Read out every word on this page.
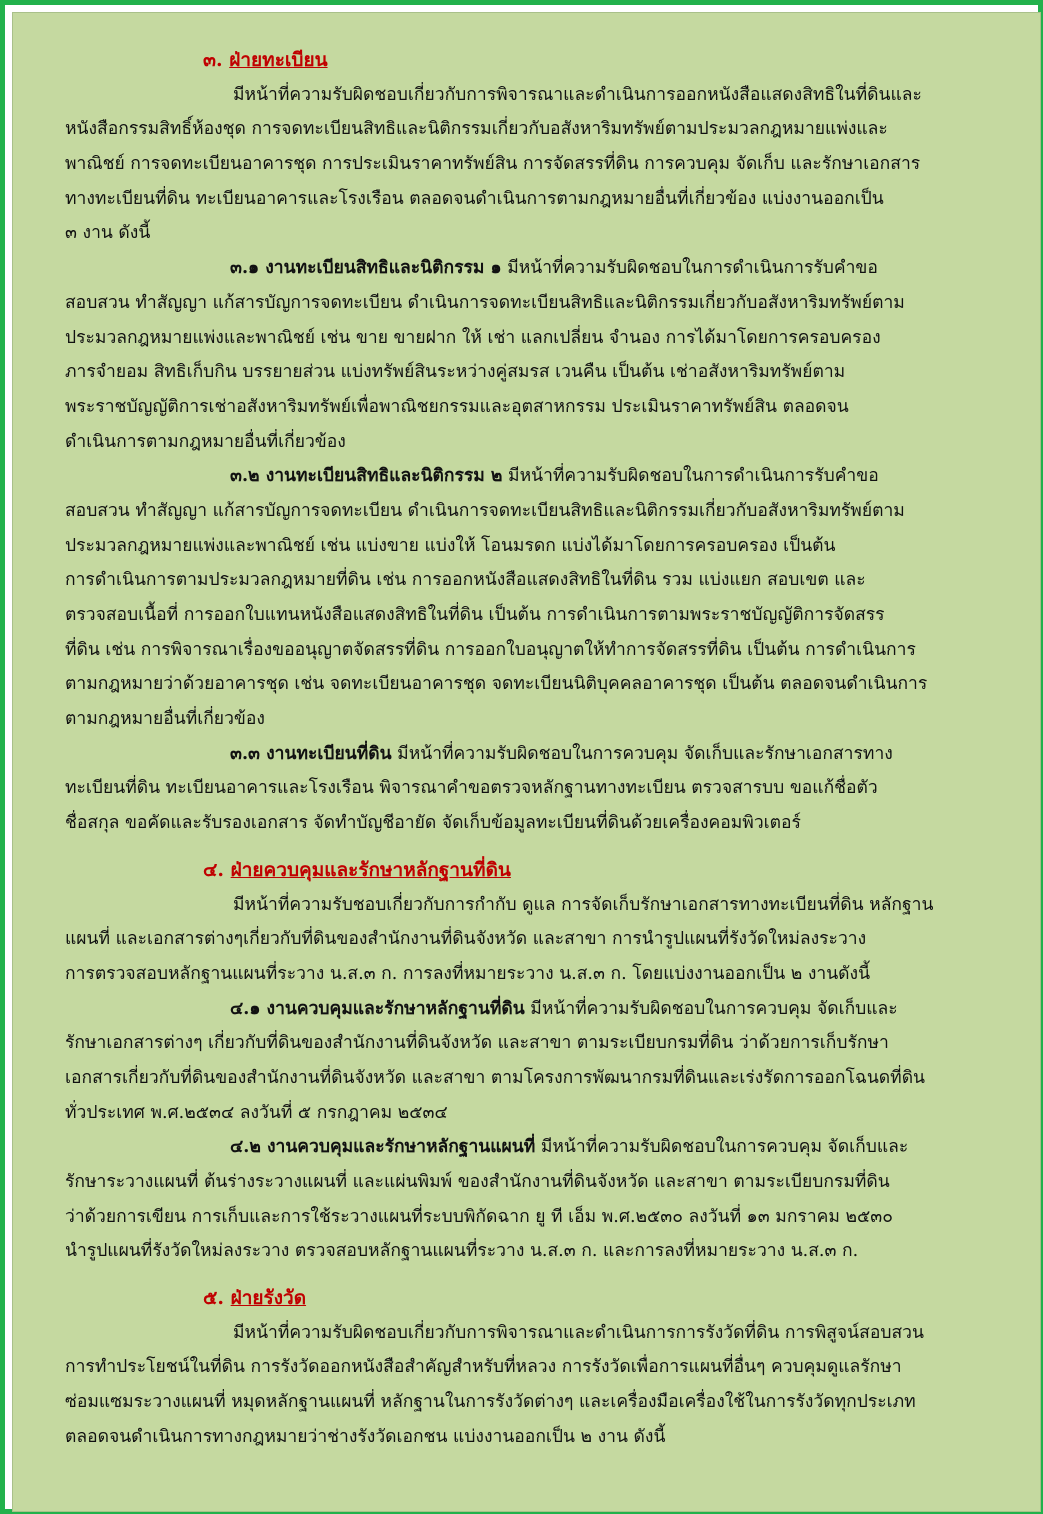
๓. ฝ่ายทะเบียน
มีหน้าที่ความรับผิดชอบเกี่ยวกับการพิจารณาและดำเนินการออกหนังสือแสดงสิทธิในที่ดินและ
หนังสือกรรมสิทธิ์ห้องชุด การจดทะเบียนสิทธิและนิติกรรมเกี่ยวกับอสังหาริมทรัพย์ตามประมวลกฎหมายแพ่งและ
พาณิชย์ การจดทะเบียนอาคารชุด การประเมินราคาทรัพย์สิน การจัดสรรที่ดิน การควบคุม จัดเก็บ และรักษาเอกสาร
ทางทะเบียนที่ดิน ทะเบียนอาคารและโรงเรือน ตลอดจนดำเนินการตามกฎหมายอื่นที่เกี่ยวข้อง แบ่งงานออกเป็น
๓ งาน ดังนี้
๓.๑ งานทะเบียนสิทธิและนิติกรรม ๑ มีหน้าที่ความรับผิดชอบในการดำเนินการรับคำขอ
สอบสวน ทำสัญญา แก้สารบัญการจดทะเบียน ดำเนินการจดทะเบียนสิทธิและนิติกรรมเกี่ยวกับอสังหาริมทรัพย์ตาม
ประมวลกฎหมายแพ่งและพาณิชย์ เช่น ขาย ขายฝาก ให้ เช่า แลกเปลี่ยน จำนอง การได้มาโดยการครอบครอง
ภารจำยอม สิทธิเก็บกิน บรรยายส่วน แบ่งทรัพย์สินระหว่างคู่สมรส เวนคืน เป็นต้น เช่าอสังหาริมทรัพย์ตาม
พระราชบัญญัติการเช่าอสังหาริมทรัพย์เพื่อพาณิชยกรรมและอุตสาหกรรม ประเมินราคาทรัพย์สิน ตลอดจน
ดำเนินการตามกฎหมายอื่นที่เกี่ยวข้อง
๓.๒ งานทะเบียนสิทธิและนิติกรรม ๒ มีหน้าที่ความรับผิดชอบในการดำเนินการรับคำขอ
สอบสวน ทำสัญญา แก้สารบัญการจดทะเบียน ดำเนินการจดทะเบียนสิทธิและนิติกรรมเกี่ยวกับอสังหาริมทรัพย์ตาม
ประมวลกฎหมายแพ่งและพาณิชย์ เช่น แบ่งขาย แบ่งให้ โอนมรดก แบ่งได้มาโดยการครอบครอง เป็นต้น
การดำเนินการตามประมวลกฎหมายที่ดิน เช่น การออกหนังสือแสดงสิทธิในที่ดิน รวม แบ่งแยก สอบเขต และ
ตรวจสอบเนื้อที่ การออกใบแทนหนังสือแสดงสิทธิในที่ดิน เป็นต้น การดำเนินการตามพระราชบัญญัติการจัดสรร
ที่ดิน เช่น การพิจารณาเรื่องขออนุญาตจัดสรรที่ดิน การออกใบอนุญาตให้ทำการจัดสรรที่ดิน เป็นต้น การดำเนินการ
ตามกฎหมายว่าด้วยอาคารชุด เช่น จดทะเบียนอาคารชุด จดทะเบียนนิติบุคคลอาคารชุด เป็นต้น ตลอดจนดำเนินการ
ตามกฎหมายอื่นที่เกี่ยวข้อง
๓.๓ งานทะเบียนที่ดิน มีหน้าที่ความรับผิดชอบในการควบคุม จัดเก็บและรักษาเอกสารทาง
ทะเบียนที่ดิน ทะเบียนอาคารและโรงเรือน พิจารณาคำขอตรวจหลักฐานทางทะเบียน ตรวจสารบบ ขอแก้ชื่อตัว
ชื่อสกุล ขอคัดและรับรองเอกสาร จัดทำบัญชีอายัด จัดเก็บข้อมูลทะเบียนที่ดินด้วยเครื่องคอมพิวเตอร์
๔. ฝ่ายควบคุมและรักษาหลักฐานที่ดิน
มีหน้าที่ความรับชอบเกี่ยวกับการกำกับ ดูแล การจัดเก็บรักษาเอกสารทางทะเบียนที่ดิน หลักฐาน
แผนที่ และเอกสารต่างๆเกี่ยวกับที่ดินของสำนักงานที่ดินจังหวัด และสาขา การนำรูปแผนที่รังวัดใหม่ลงระวาง
การตรวจสอบหลักฐานแผนที่ระวาง น.ส.๓ ก. การลงที่หมายระวาง น.ส.๓ ก. โดยแบ่งงานออกเป็น ๒ งานดังนี้
๔.๑ งานควบคุมและรักษาหลักฐานที่ดิน มีหน้าที่ความรับผิดชอบในการควบคุม จัดเก็บและ
รักษาเอกสารต่างๆ เกี่ยวกับที่ดินของสำนักงานที่ดินจังหวัด และสาขา ตามระเบียบกรมที่ดิน ว่าด้วยการเก็บรักษา
เอกสารเกี่ยวกับที่ดินของสำนักงานที่ดินจังหวัด และสาขา ตามโครงการพัฒนากรมที่ดินและเร่งรัดการออกโฉนดที่ดิน
ทั่วประเทศ พ.ศ.๒๕๓๔ ลงวันที่ ๕ กรกฎาคม ๒๕๓๔
๔.๒ งานควบคุมและรักษาหลักฐานแผนที่ มีหน้าที่ความรับผิดชอบในการควบคุม จัดเก็บและ
รักษาระวางแผนที่ ต้นร่างระวางแผนที่ และแผ่นพิมพ์ ของสำนักงานที่ดินจังหวัด และสาขา ตามระเบียบกรมที่ดิน
ว่าด้วยการเขียน การเก็บและการใช้ระวางแผนที่ระบบพิกัดฉาก ยู ที เอ็ม พ.ศ.๒๕๓๐ ลงวันที่ ๑๓ มกราคม ๒๕๓๐
นำรูปแผนที่รังวัดใหม่ลงระวาง ตรวจสอบหลักฐานแผนที่ระวาง น.ส.๓ ก. และการลงที่หมายระวาง น.ส.๓ ก.
๕. ฝ่ายรังวัด
มีหน้าที่ความรับผิดชอบเกี่ยวกับการพิจารณาและดำเนินการการรังวัดที่ดิน การพิสูจน์สอบสวน
การทำประโยชน์ในที่ดิน การรังวัดออกหนังสือสำคัญสำหรับที่หลวง การรังวัดเพื่อการแผนที่อื่นๆ ควบคุมดูแลรักษา
ซ่อมแซมระวางแผนที่ หมุดหลักฐานแผนที่ หลักฐานในการรังวัดต่างๆ และเครื่องมือเครื่องใช้ในการรังวัดทุกประเภท
ตลอดจนดำเนินการทางกฎหมายว่าช่างรังวัดเอกชน แบ่งงานออกเป็น ๒ งาน ดังนี้
